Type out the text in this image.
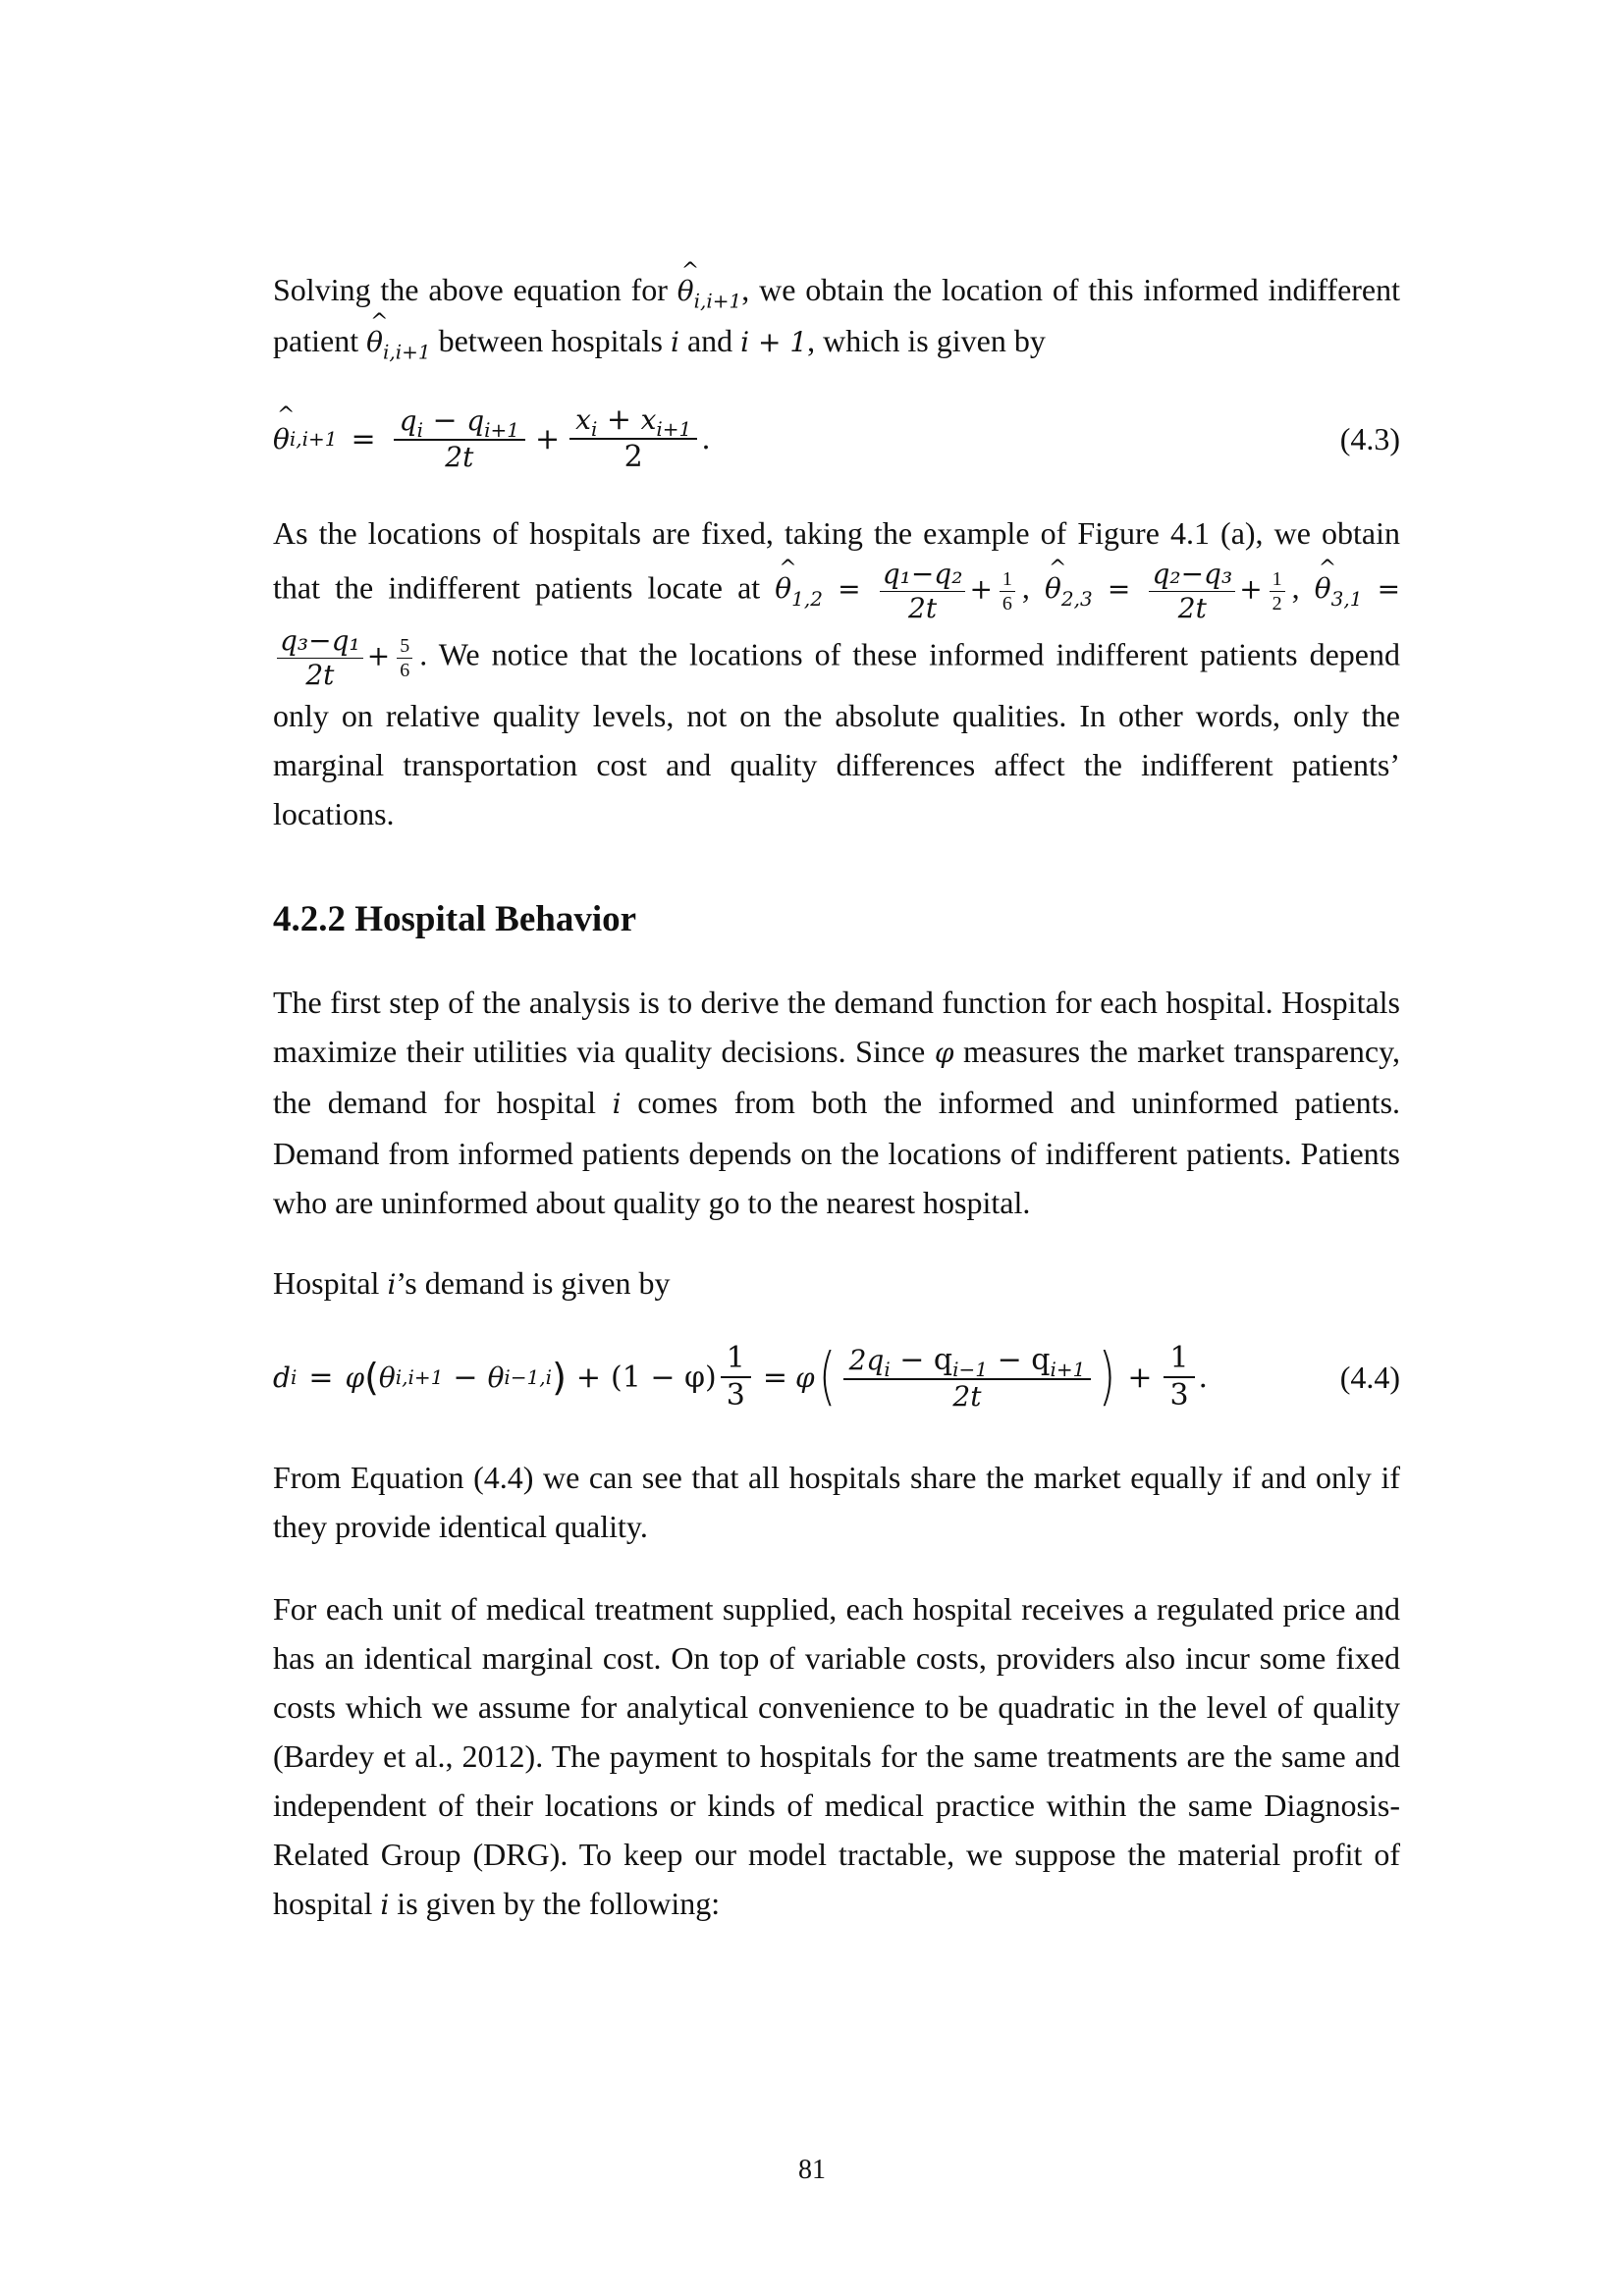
Solving the above equation for ^ $\theta_{i,i+1}$, we obtain the location of this informed indifferent patient ^ $\theta_{i,i+1}$ between hospitals i and i + 1, which is given by

^ θ $i,i+1 = \frac{q_i - q_{i+1}}{2t} + \frac{x_i + x_{i+1}}{2}$ .	(4.3)

As the locations of hospitals are fixed, taking the example of Figure 4.1 (a), we obtain that the indifferent patients locate at ^ $\theta_{1,2} = \frac{\text{q₁−q₂}}{2t} + \frac{1}{6}$ , ^ $\theta_{2,3} = \frac{\text{q₂−q₃}}{2t} + \frac{1}{2}$ , ^ $\theta_{3,1}$ =
$\frac{\text{q₃−q₁}}{2t} + \frac{5}{6}$ . We notice that the locations of these informed indifferent patients depend only on relative quality levels, not on the absolute qualities. In other words, only the marginal transportation cost and quality differences affect the indifferent patients’ locations.

4.2.2 Hospital Behavior

The first step of the analysis is to derive the demand function for each hospital. Hospitals maximize their utilities via quality decisions. Since φ measures the market transparency, the demand for hospital i comes from both the informed and uninformed patients. Demand from informed patients depends on the locations of indifferent patients. Patients who are uninformed about quality go to the nearest hospital.

Hospital i’s demand is given by

d i = φ ( θ i,i+1 − θ i−1,i ) + $(1 - \varphi) \frac{1}{3} = \varphi$ ( $\frac{2q_i - q_{i-1} - q_{i+1}}{2t}$ ) + $\frac{1}{3}$ .	(4.4)

From Equation (4.4) we can see that all hospitals share the market equally if and only if they provide identical quality.

For each unit of medical treatment supplied, each hospital receives a regulated price and has an identical marginal cost. On top of variable costs, providers also incur some fixed costs which we assume for analytical convenience to be quadratic in the level of quality (Bardey et al., 2012). The payment to hospitals for the same treatments are the same and independent of their locations or kinds of medical practice within the same Diagnosis-Related Group (DRG). To keep our model tractable, we suppose the material profit of hospital i is given by the following:

81
